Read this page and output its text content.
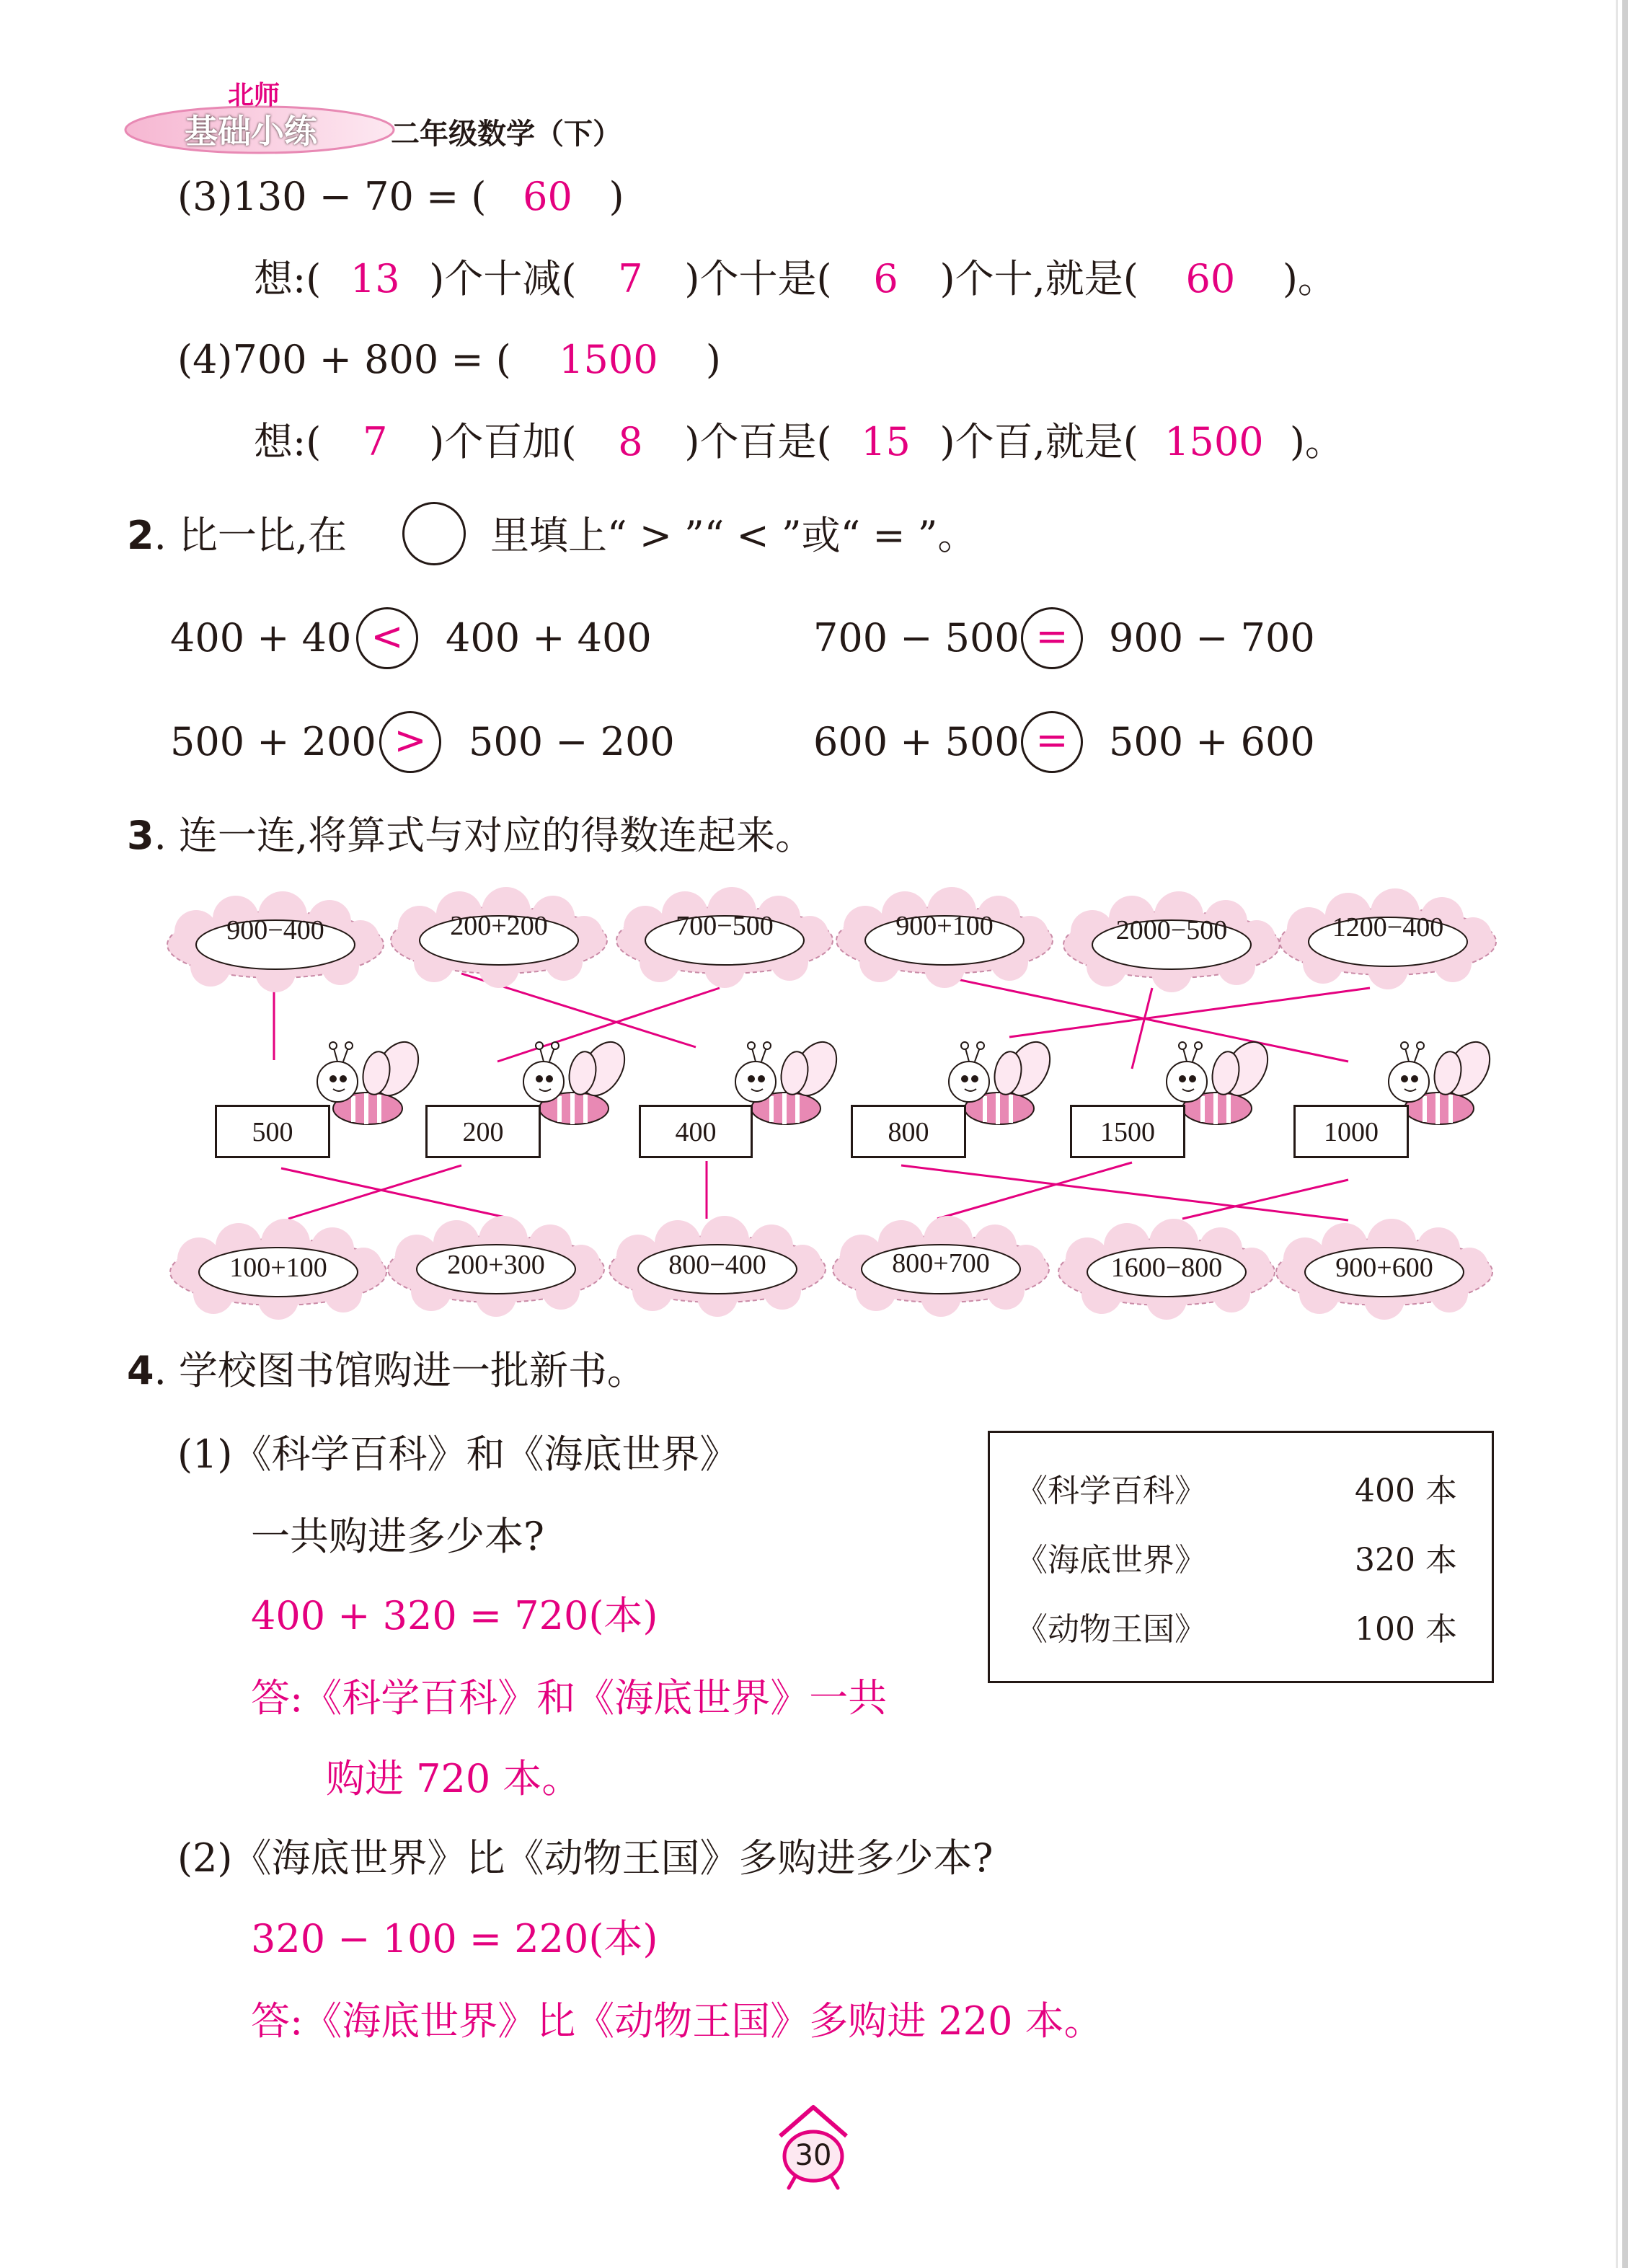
北师
基础小练	二年级数学（下）
(3)130 − 70 = ( 60 )
想:( 13 )个十减( 7 )个十是( 6 )个十,就是( 60 )。
(4)700 + 800 = ( 1500 )
想:( 7 )个百加( 8 )个百是( 15 )个百,就是( 1500 )。
2. 比一比,在	里填上“ > ”“ < ”或“ = ”。
400 + 40 <	400 + 400	700 − 500 =	900 − 700
500 + 200 >	500 − 200	600 + 500 =	500 + 600
3. 连一连,将算式与对应的得数连起来。
900−400	200+200	700−500	900+100	2000−500	1200−400
500	200	400	800	1500	1000
100+100	200+300	800−400	800+700	1600−800	900+600
4. 学校图书馆购进一批新书。
(1)《科学百科》和《海底世界》
一共购进多少本?
400 + 320 = 720(本)
答:《科学百科》和《海底世界》一共
购进 720 本。
《科学百科》	400 本
《海底世界》	320 本
《动物王国》	100 本
(2)《海底世界》比《动物王国》多购进多少本?
320 − 100 = 220(本)
答:《海底世界》比《动物王国》多购进 220 本。
30
